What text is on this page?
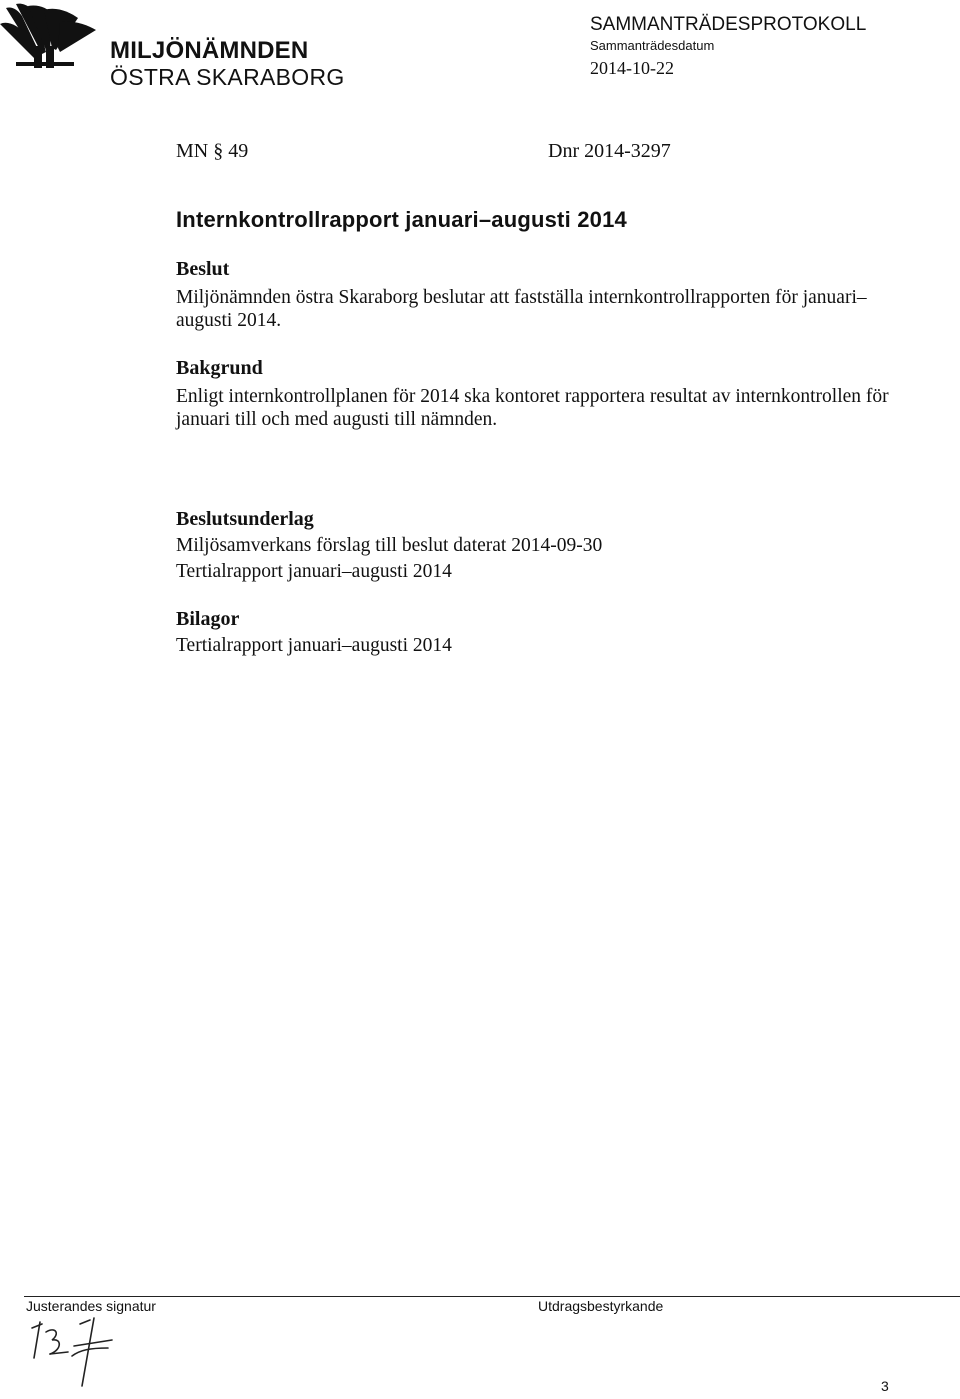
MILJÖNÄMNDEN
ÖSTRA SKARABORG
SAMMANTRÄDESPROTOKOLL
Sammanträdesdatum
2014-10-22
MN § 49	Dnr 2014-3297
Internkontrollrapport januari–augusti 2014
Beslut
Miljönämnden östra Skaraborg beslutar att fastställa internkontrollrapporten för januari–augusti 2014.
Bakgrund
Enligt internkontrollplanen för 2014 ska kontoret rapportera resultat av internkontrollen för januari till och med augusti till nämnden.
Beslutsunderlag
Miljösamverkans förslag till beslut daterat 2014-09-30
Tertialrapport januari–augusti 2014
Bilagor
Tertialrapport januari–augusti 2014
Justerandes signatur	Utdragsbestyrkande
3
